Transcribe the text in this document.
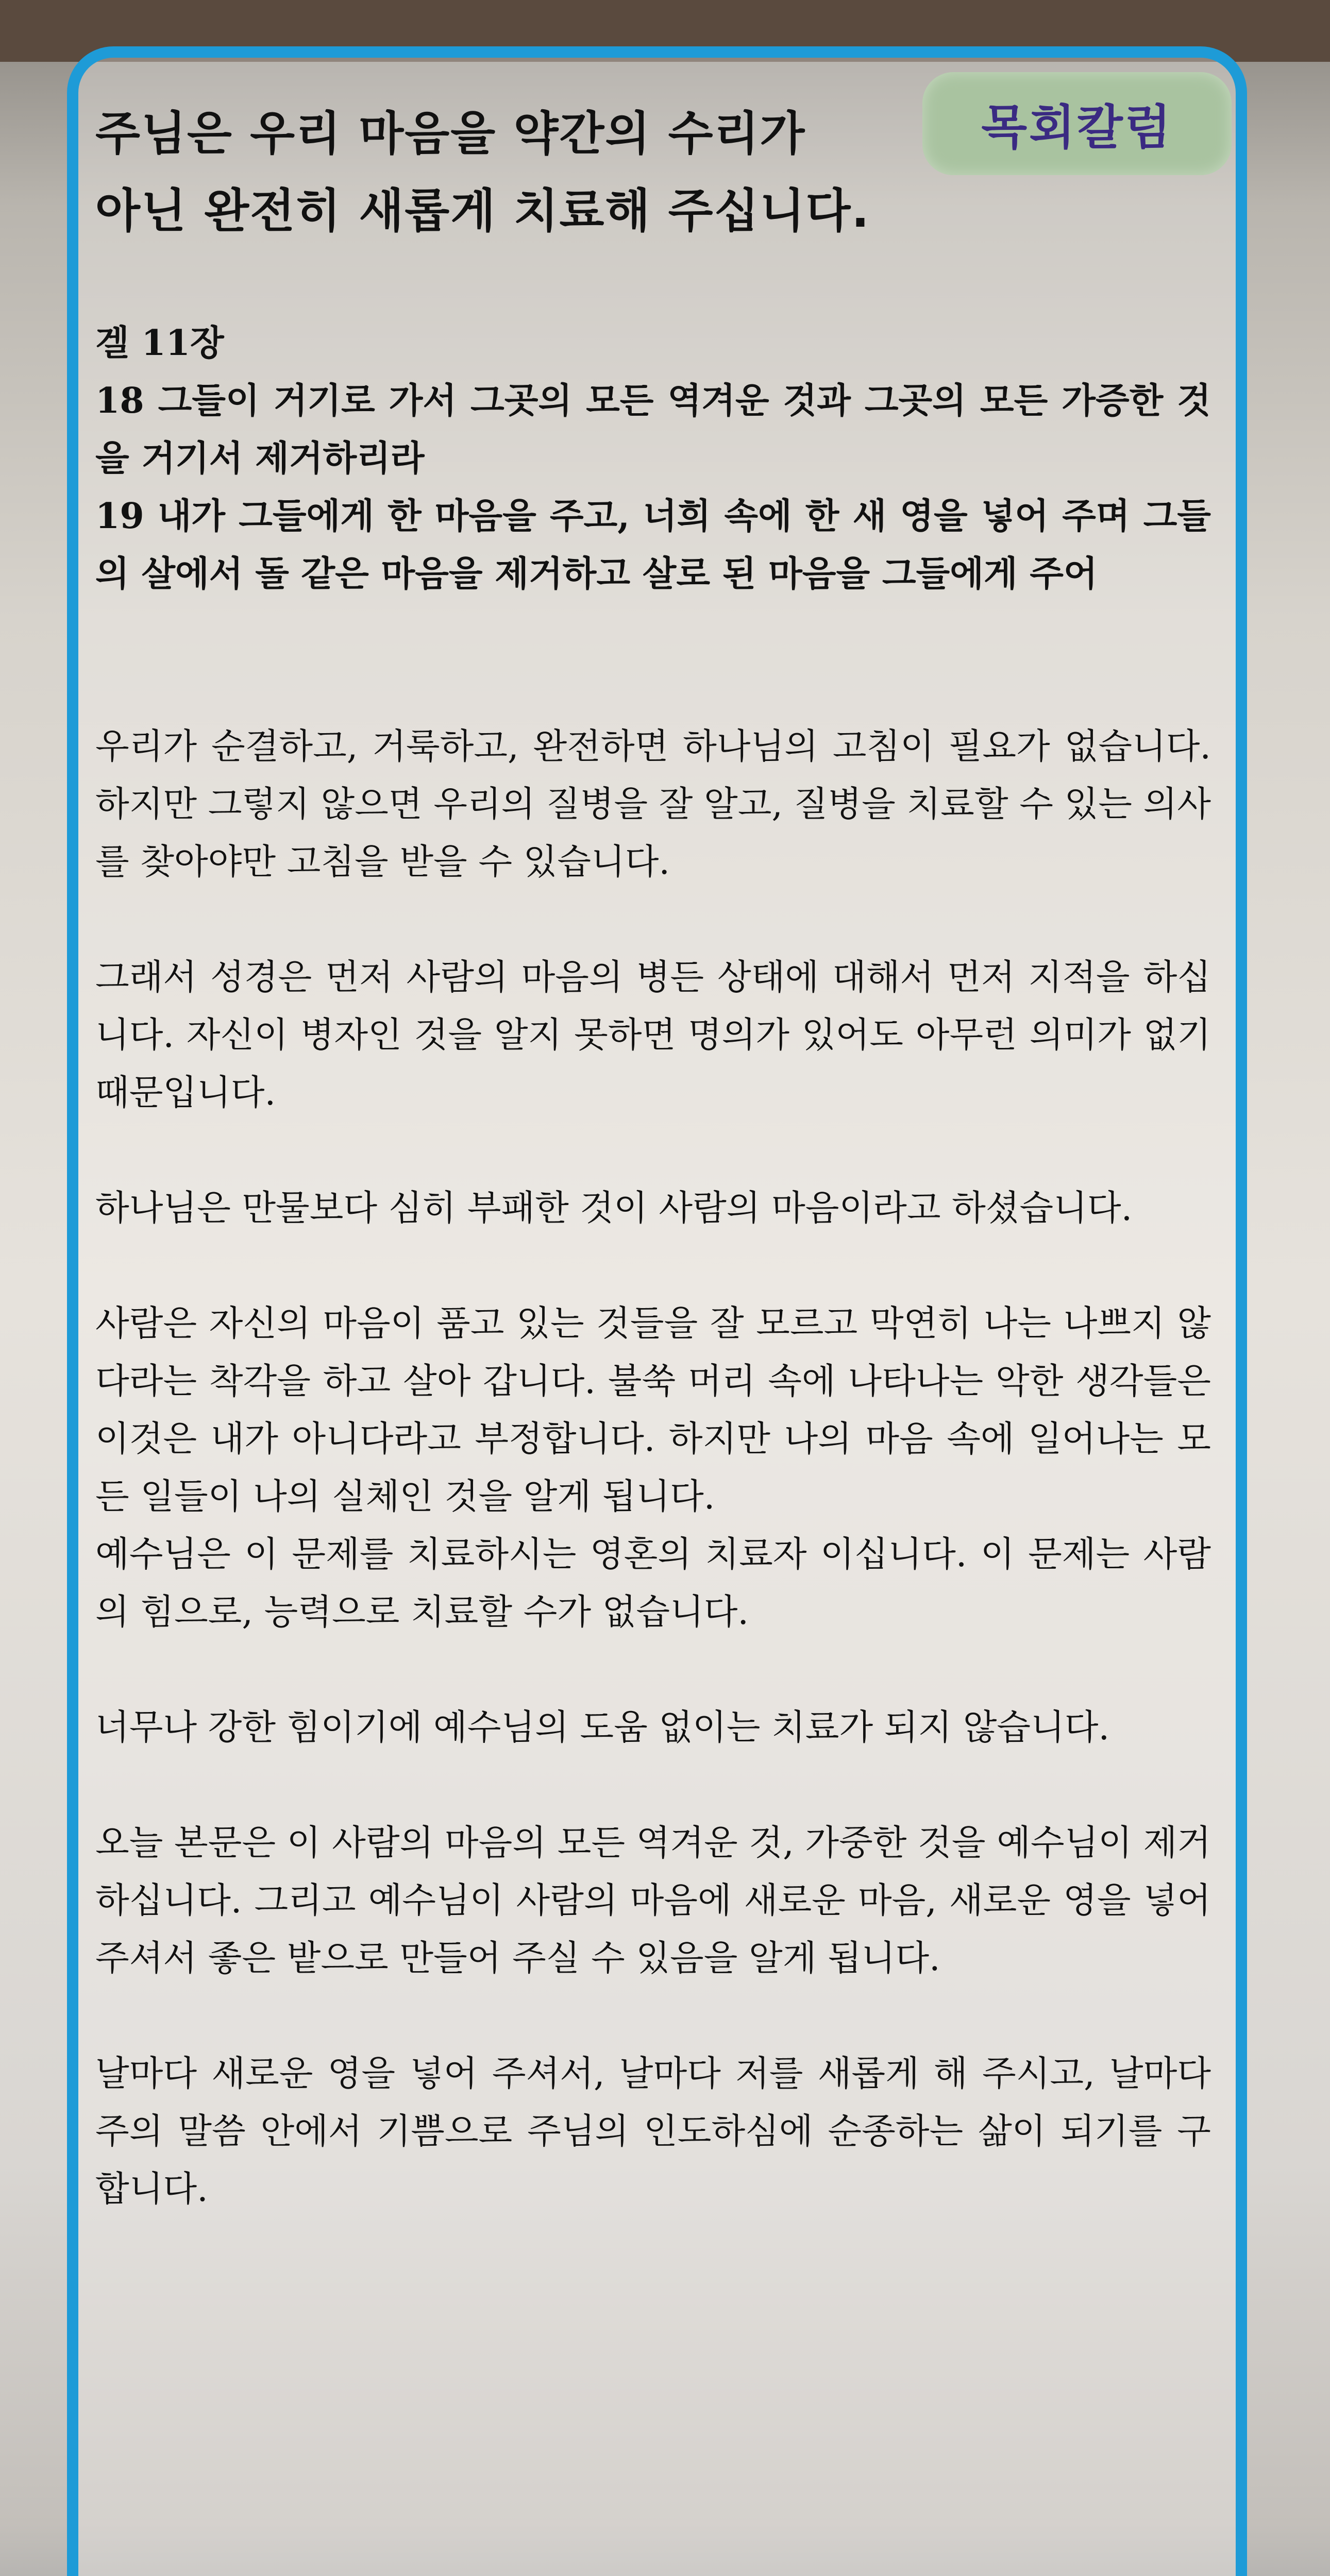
주님은 우리 마음을 약간의 수리가
아닌 완전히 새롭게 치료해 주십니다.
목회칼럼

겔 11장

18 그들이 거기로 가서 그곳의 모든 역겨운 것과 그곳의 모든 가증한 것을 거기서 제거하리라

19 내가 그들에게 한 마음을 주고, 너희 속에 한 새 영을 넣어 주며 그들의 살에서 돌 같은 마음을 제거하고 살로 된 마음을 그들에게 주어

우리가 순결하고, 거룩하고, 완전하면 하나님의 고침이 필요가 없습니다. 하지만 그렇지 않으면 우리의 질병을 잘 알고, 질병을 치료할 수 있는 의사를 찾아야만 고침을 받을 수 있습니다.

그래서 성경은 먼저 사람의 마음의 병든 상태에 대해서 먼저 지적을 하십니다. 자신이 병자인 것을 알지 못하면 명의가 있어도 아무런 의미가 없기 때문입니다.

하나님은 만물보다 심히 부패한 것이 사람의 마음이라고 하셨습니다.

사람은 자신의 마음이 품고 있는 것들을 잘 모르고 막연히 나는 나쁘지 않다라는 착각을 하고 살아 갑니다. 불쑥 머리 속에 나타나는 악한 생각들은 이것은 내가 아니다라고 부정합니다. 하지만 나의 마음 속에 일어나는 모든 일들이 나의 실체인 것을 알게 됩니다.

예수님은 이 문제를 치료하시는 영혼의 치료자 이십니다. 이 문제는 사람의 힘으로, 능력으로 치료할 수가 없습니다.

너무나 강한 힘이기에 예수님의 도움 없이는 치료가 되지 않습니다.

오늘 본문은 이 사람의 마음의 모든 역겨운 것, 가중한 것을 예수님이 제거하십니다. 그리고 예수님이 사람의 마음에 새로운 마음, 새로운 영을 넣어 주셔서 좋은 밭으로 만들어 주실 수 있음을 알게 됩니다.

날마다 새로운 영을 넣어 주셔서, 날마다 저를 새롭게 해 주시고, 날마다 주의 말씀 안에서 기쁨으로 주님의 인도하심에 순종하는 삶이 되기를 구합니다.
